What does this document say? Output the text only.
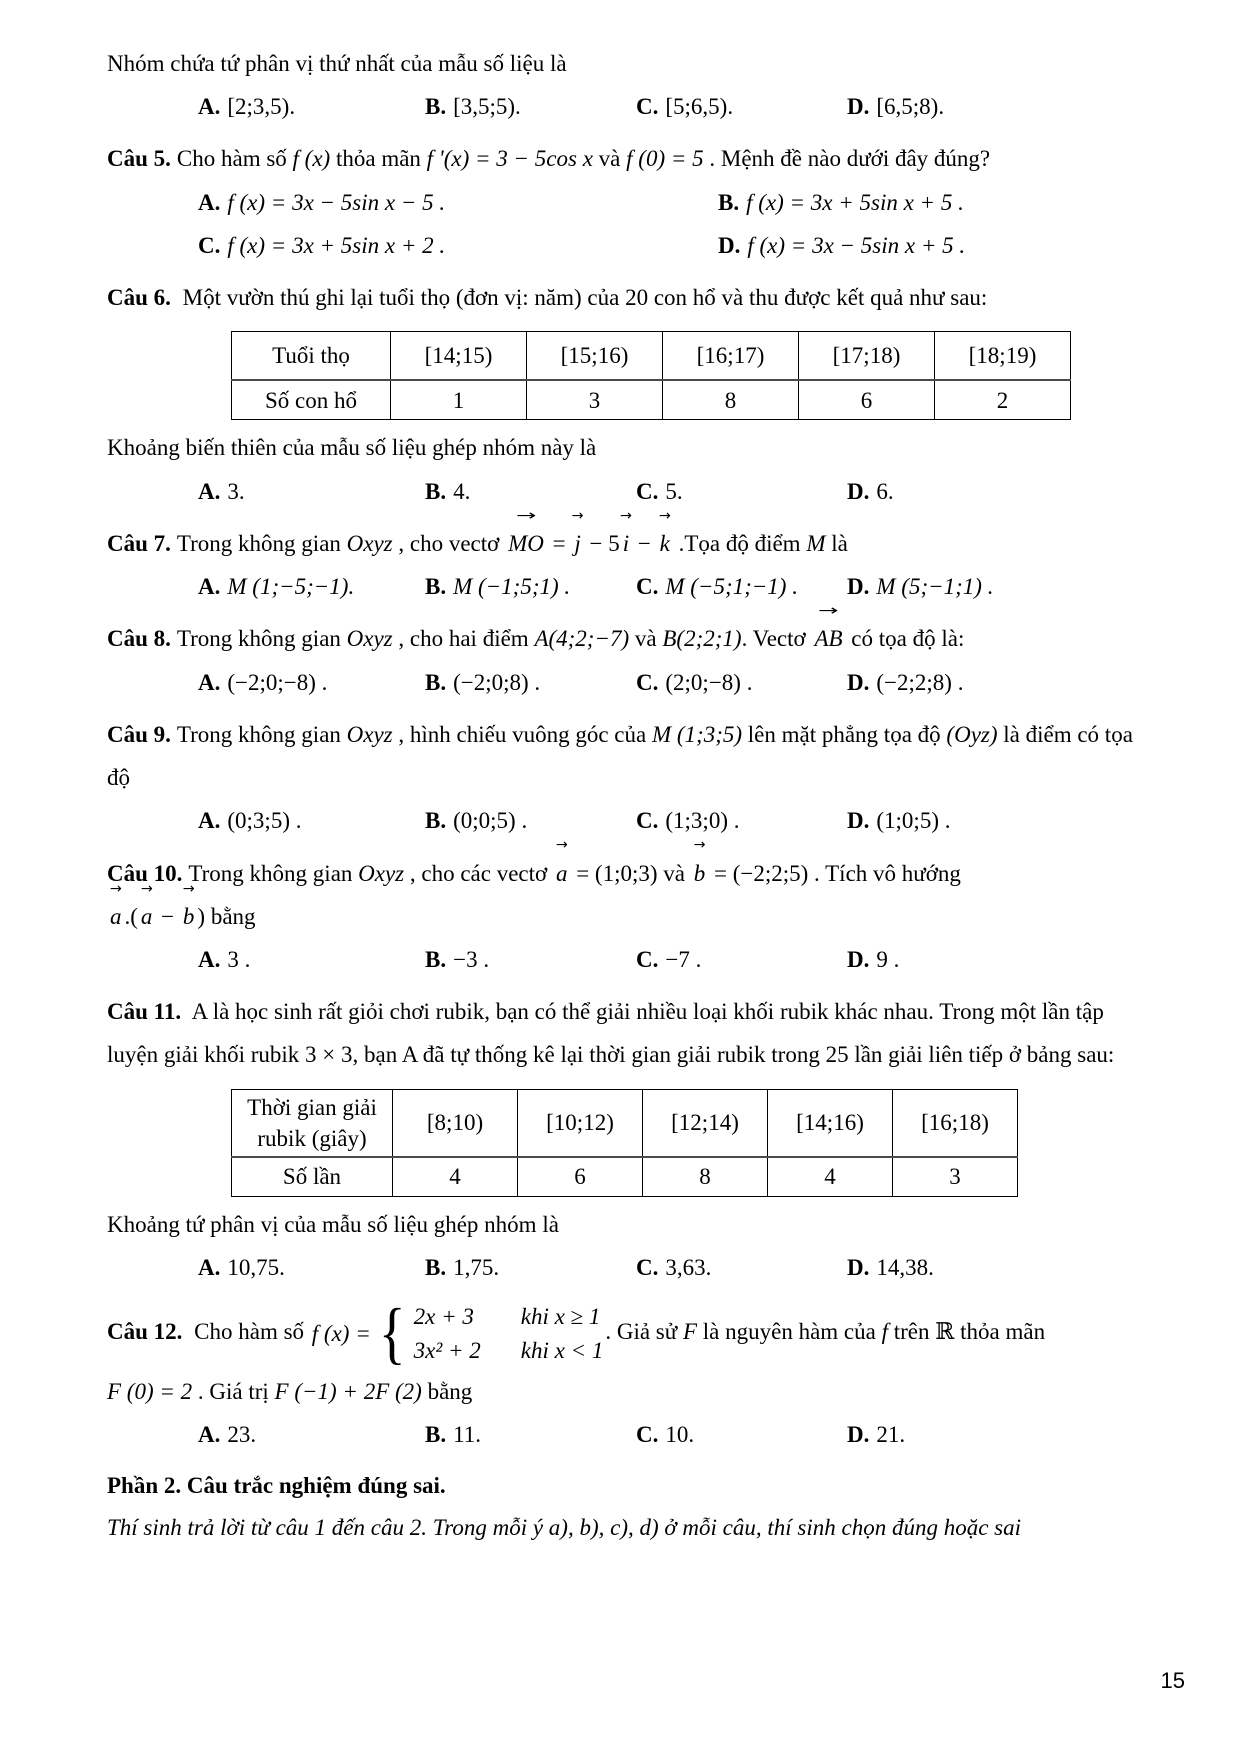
Nhóm chứa tứ phân vị thứ nhất của mẫu số liệu là

A. [2;3,5).	B. [3,5;5).	C. [5;6,5).	D. [6,5;8).

Câu 5. Cho hàm số f (x) thỏa mãn f '(x) = 3 − 5cos x và f (0) = 5 . Mệnh đề nào dưới đây đúng?

A. f (x) = 3x − 5sin x − 5 .	B. f (x) = 3x + 5sin x + 5 .
C. f (x) = 3x + 5sin x + 2 .	D. f (x) = 3x − 5sin x + 5 .

Câu 6. Một vườn thú ghi lại tuổi thọ (đơn vị: năm) của 20 con hổ và thu được kết quả như sau:

Tuổi thọ	[14;15)	[15;16)	[16;17)	[17;18)	[18;19)
Số con hổ	1	3	8	6	2

Khoảng biến thiên của mẫu số liệu ghép nhóm này là

A. 3.	B. 4.	C. 5.	D. 6.

Câu 7. Trong không gian Oxyz , cho vectơ MO → = j → − 5 i → − k → .Tọa độ điểm M là

A. M (1;−5;−1).	B. M (−1;5;1) .	C. M (−5;1;−1) .	D. M (5;−1;1) .

Câu 8. Trong không gian Oxyz , cho hai điểm A(4;2;−7) và B(2;2;1). Vectơ AB → có tọa độ là:

A. (−2;0;−8) .	B. (−2;0;8) .	C. (2;0;−8) .	D. (−2;2;8) .

Câu 9. Trong không gian Oxyz , hình chiếu vuông góc của M (1;3;5) lên mặt phẳng tọa độ (Oyz) là điểm có tọa độ

A. (0;3;5) .	B. (0;0;5) .	C. (1;3;0) .	D. (1;0;5) .

Câu 10. Trong không gian Oxyz , cho các vectơ a → = (1;0;3) và b → = (−2;2;5) . Tích vô hướng

a → .( a → − b → ) bằng

A. 3 .	B. −3 .	C. −7 .	D. 9 .

Câu 11. A là học sinh rất giỏi chơi rubik, bạn có thể giải nhiều loại khối rubik khác nhau. Trong một lần tập luyện giải khối rubik 3 × 3, bạn A đã tự thống kê lại thời gian giải rubik trong 25 lần giải liên tiếp ở bảng sau:

Thời gian giải rubik (giây)	[8;10)	[10;12)	[12;14)	[14;16)	[16;18)
Số lần	4	6	8	4	3

Khoảng tứ phân vị của mẫu số liệu ghép nhóm là

A. 10,75.	B. 1,75.	C. 3,63.	D. 14,38.

Câu 12. Cho hàm số f (x) = { 2x + 3 khi x ≥ 1
3x² + 2 khi x < 1
. Giả sử F là nguyên hàm của f trên ℝ thỏa mãn

F (0) = 2 . Giá trị F (−1) + 2F (2) bằng

A. 23.	B. 11.	C. 10.	D. 21.

Phần 2. Câu trắc nghiệm đúng sai.

Thí sinh trả lời từ câu 1 đến câu 2. Trong mỗi ý a), b), c), d) ở mỗi câu, thí sinh chọn đúng hoặc sai

15
